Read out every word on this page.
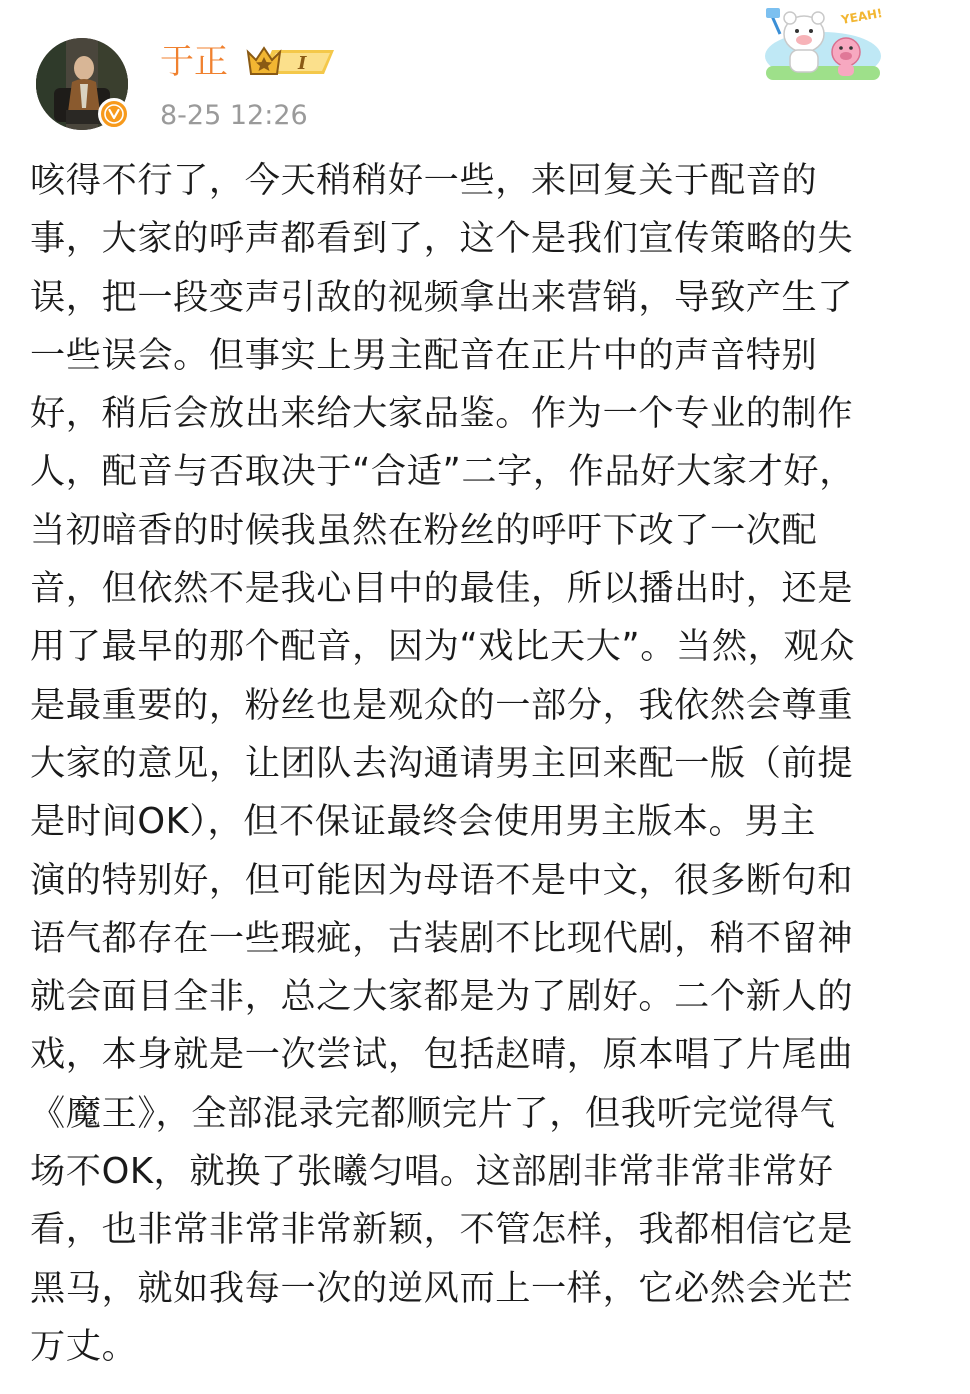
于正	I
8-25 12:26
YEAH!
咳得不行了，今天稍稍好一些，来回复关于配音的
事，大家的呼声都看到了，这个是我们宣传策略的失
误，把一段变声引敌的视频拿出来营销，导致产生了
一些误会。但事实上男主配音在正片中的声音特别
好，稍后会放出来给大家品鉴。作为一个专业的制作
人，配音与否取决于“合适”二字，作品好大家才好，
当初暗香的时候我虽然在粉丝的呼吁下改了一次配
音，但依然不是我心目中的最佳，所以播出时，还是
用了最早的那个配音，因为“戏比天大”。当然，观众
是最重要的，粉丝也是观众的一部分，我依然会尊重
大家的意见，让团队去沟通请男主回来配一版（前提
是时间OK），但不保证最终会使用男主版本。男主
演的特别好，但可能因为母语不是中文，很多断句和
语气都存在一些瑕疵，古装剧不比现代剧，稍不留神
就会面目全非，总之大家都是为了剧好。二个新人的
戏，本身就是一次尝试，包括赵晴，原本唱了片尾曲
《魔王》，全部混录完都顺完片了，但我听完觉得气
场不OK，就换了张曦匀唱。这部剧非常非常非常好
看，也非常非常非常新颖，不管怎样，我都相信它是
黑马，就如我每一次的逆风而上一样，它必然会光芒
万丈。
